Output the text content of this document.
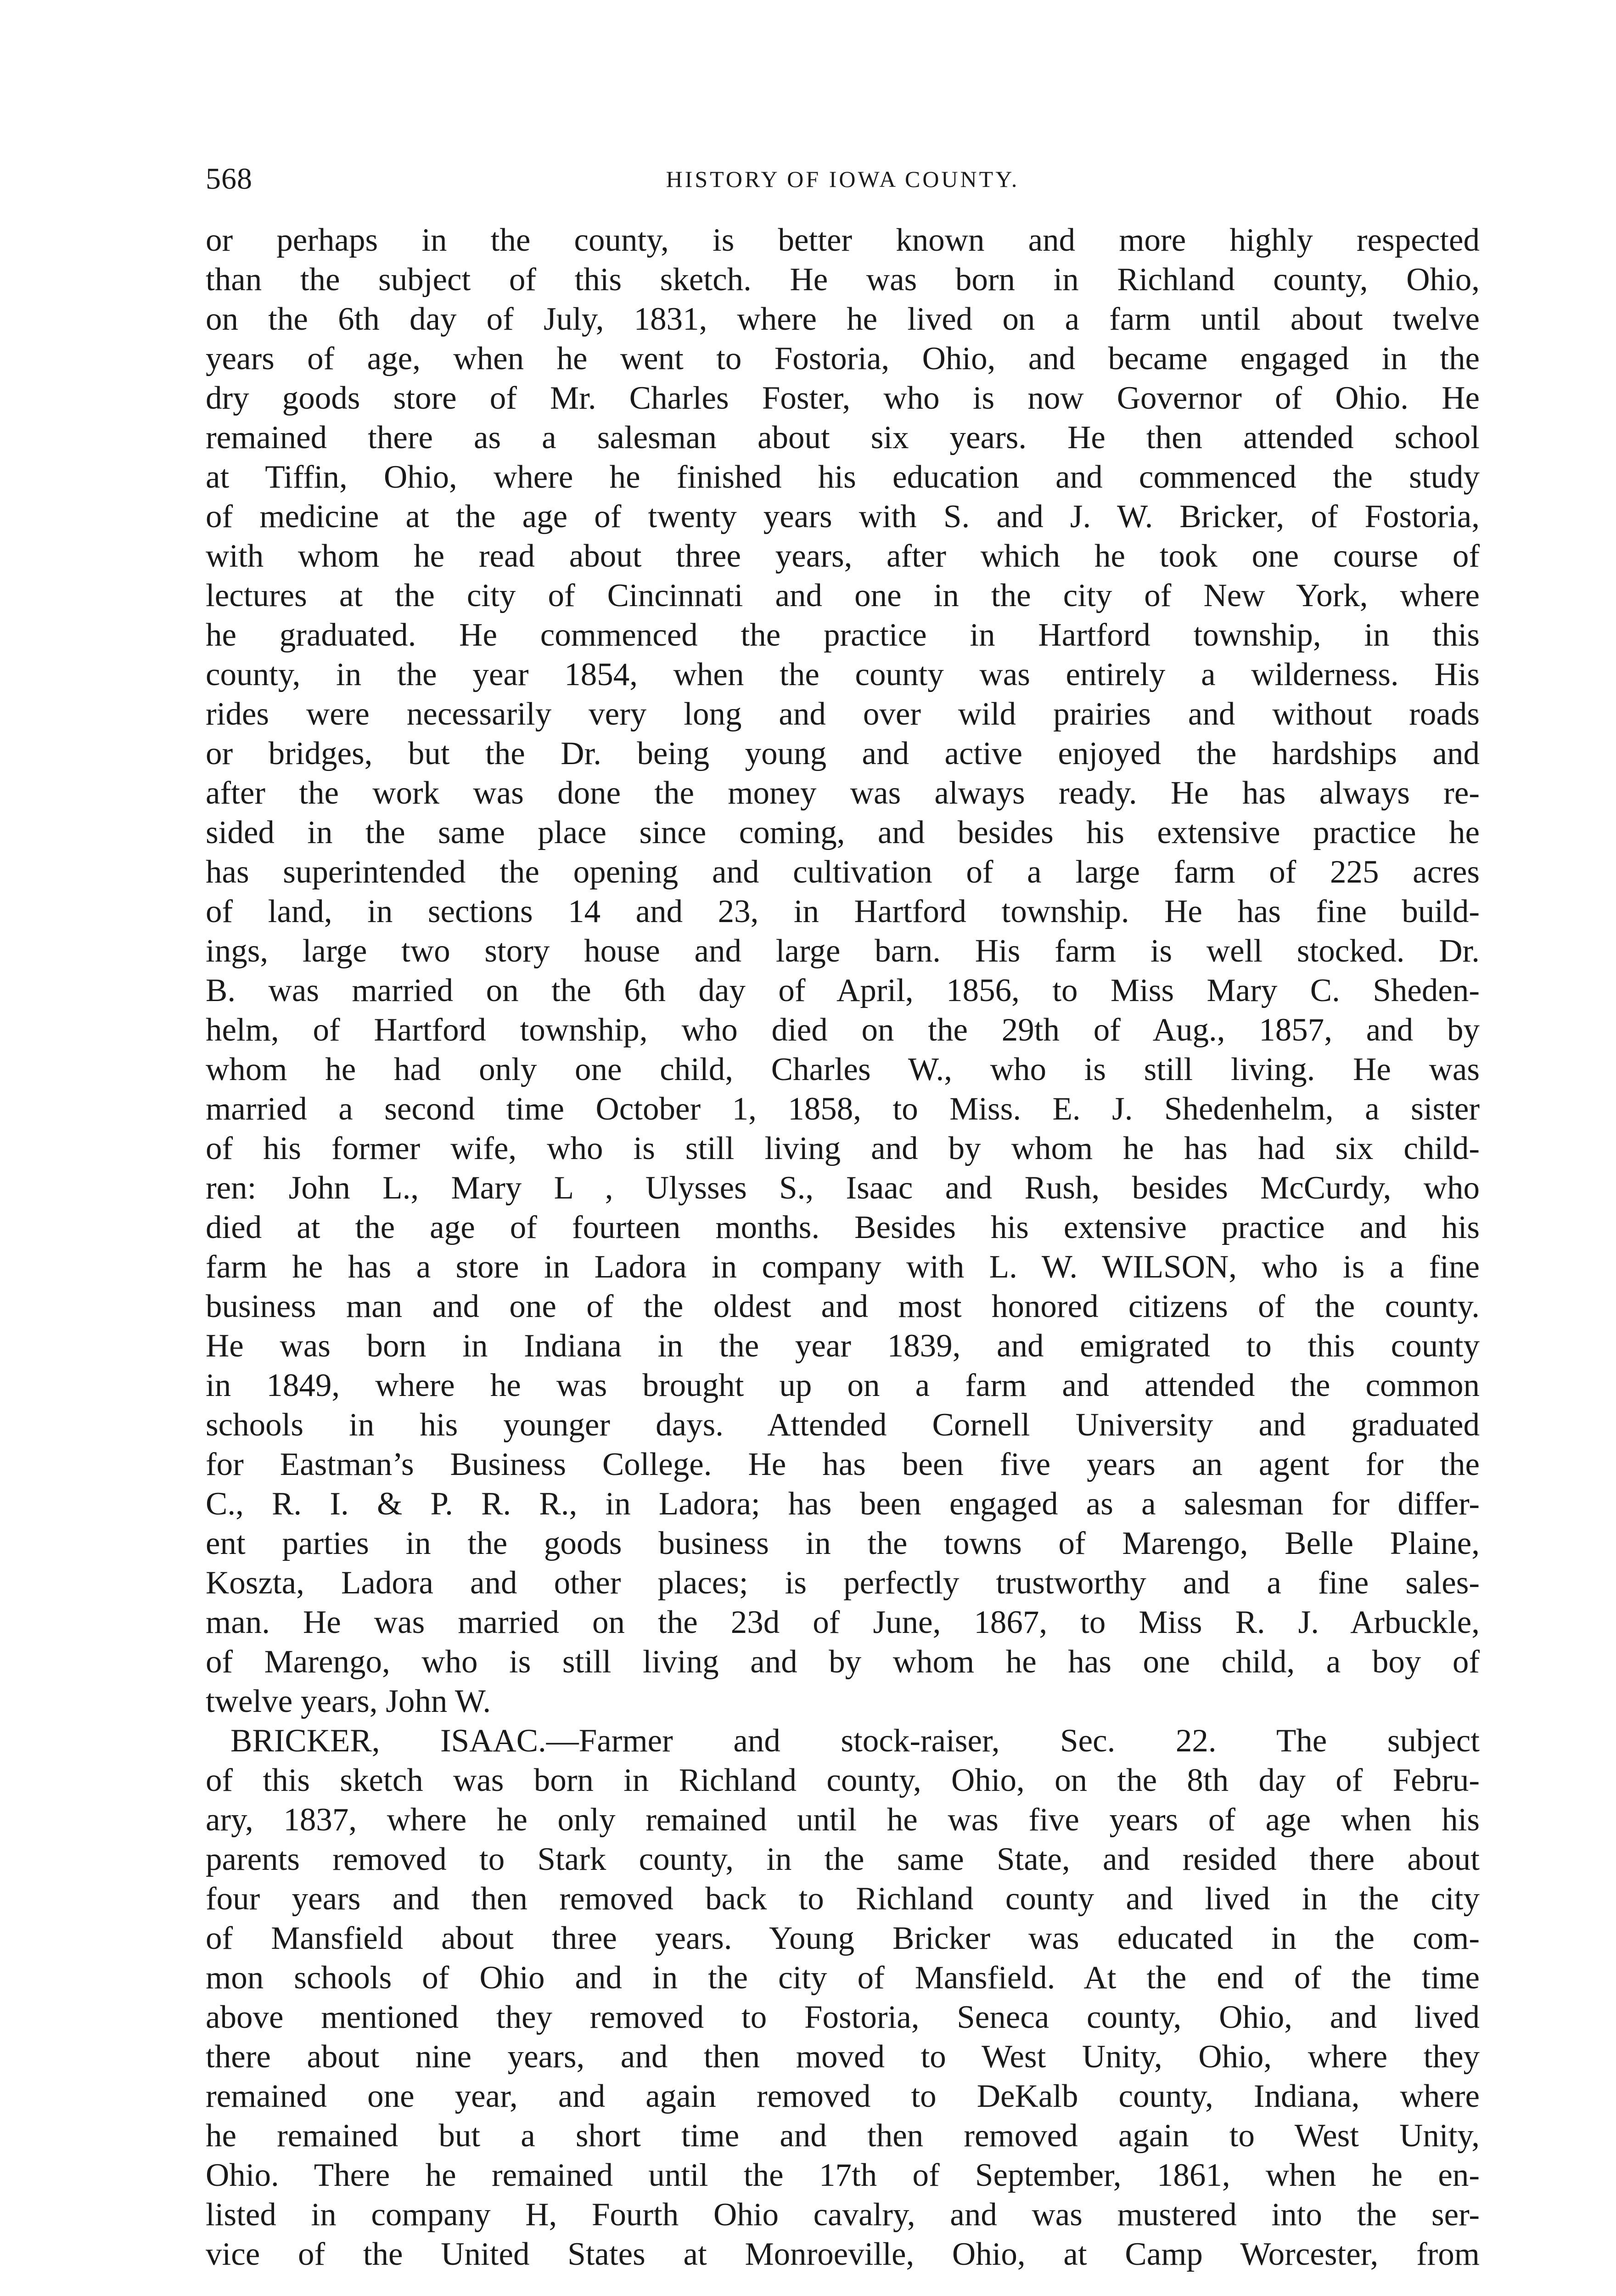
568	HISTORY OF IOWA COUNTY.
or perhaps in the county, is better known and more highly respected
than the subject of this sketch. He was born in Richland county, Ohio,
on the 6th day of July, 1831, where he lived on a farm until about twelve
years of age, when he went to Fostoria, Ohio, and became engaged in the
dry goods store of Mr. Charles Foster, who is now Governor of Ohio. He
remained there as a salesman about six years. He then attended school
at Tiffin, Ohio, where he finished his education and commenced the study
of medicine at the age of twenty years with S. and J. W. Bricker, of Fostoria,
with whom he read about three years, after which he took one course of
lectures at the city of Cincinnati and one in the city of New York, where
he graduated. He commenced the practice in Hartford township, in this
county, in the year 1854, when the county was entirely a wilderness. His
rides were necessarily very long and over wild prairies and without roads
or bridges, but the Dr. being young and active enjoyed the hardships and
after the work was done the money was always ready. He has always re-
sided in the same place since coming, and besides his extensive practice he
has superintended the opening and cultivation of a large farm of 225 acres
of land, in sections 14 and 23, in Hartford township. He has fine build-
ings, large two story house and large barn. His farm is well stocked. Dr.
B. was married on the 6th day of April, 1856, to Miss Mary C. Sheden-
helm, of Hartford township, who died on the 29th of Aug., 1857, and by
whom he had only one child, Charles W., who is still living. He was
married a second time October 1, 1858, to Miss. E. J. Shedenhelm, a sister
of his former wife, who is still living and by whom he has had six child-
ren: John L., Mary L , Ulysses S., Isaac and Rush, besides McCurdy, who
died at the age of fourteen months. Besides his extensive practice and his
farm he has a store in Ladora in company with L. W. WILSON, who is a fine
business man and one of the oldest and most honored citizens of the county.
He was born in Indiana in the year 1839, and emigrated to this county
in 1849, where he was brought up on a farm and attended the common
schools in his younger days. Attended Cornell University and graduated
for Eastman’s Business College. He has been five years an agent for the
C., R. I. & P. R. R., in Ladora; has been engaged as a salesman for differ-
ent parties in the goods business in the towns of Marengo, Belle Plaine,
Koszta, Ladora and other places; is perfectly trustworthy and a fine sales-
man. He was married on the 23d of June, 1867, to Miss R. J. Arbuckle,
of Marengo, who is still living and by whom he has one child, a boy of
twelve years, John W.
BRICKER, ISAAC.—Farmer and stock-raiser, Sec. 22. The subject
of this sketch was born in Richland county, Ohio, on the 8th day of Febru-
ary, 1837, where he only remained until he was five years of age when his
parents removed to Stark county, in the same State, and resided there about
four years and then removed back to Richland county and lived in the city
of Mansfield about three years. Young Bricker was educated in the com-
mon schools of Ohio and in the city of Mansfield. At the end of the time
above mentioned they removed to Fostoria, Seneca county, Ohio, and lived
there about nine years, and then moved to West Unity, Ohio, where they
remained one year, and again removed to DeKalb county, Indiana, where
he remained but a short time and then removed again to West Unity,
Ohio. There he remained until the 17th of September, 1861, when he en-
listed in company H, Fourth Ohio cavalry, and was mustered into the ser-
vice of the United States at Monroeville, Ohio, at Camp Worcester, from
